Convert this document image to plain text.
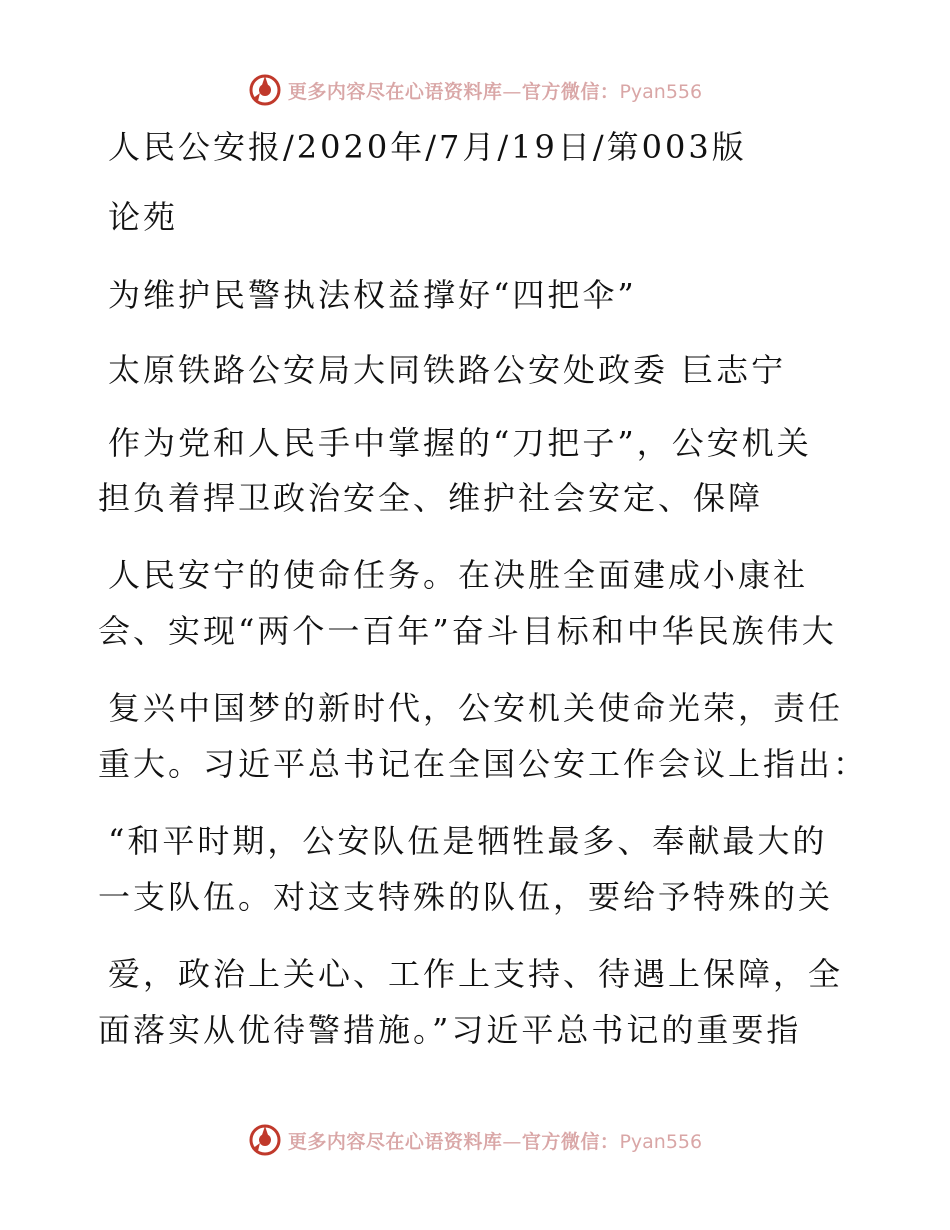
更多内容尽在心语资料库—官方微信：Pyan556
人民公安报/2020年/7月/19日/第003版
论苑
为维护民警执法权益撑好“四把伞”
太原铁路公安局大同铁路公安处政委 巨志宁
作为党和人民手中掌握的“刀把子”，公安机关
担负着捍卫政治安全、维护社会安定、保障
人民安宁的使命任务。在决胜全面建成小康社
会、实现“两个一百年”奋斗目标和中华民族伟大
复兴中国梦的新时代，公安机关使命光荣，责任
重大。习近平总书记在全国公安工作会议上指出：
“和平时期，公安队伍是牺牲最多、奉献最大的
一支队伍。对这支特殊的队伍，要给予特殊的关
爱，政治上关心、工作上支持、待遇上保障，全
面落实从优待警措施。”习近平总书记的重要指
更多内容尽在心语资料库—官方微信：Pyan556
